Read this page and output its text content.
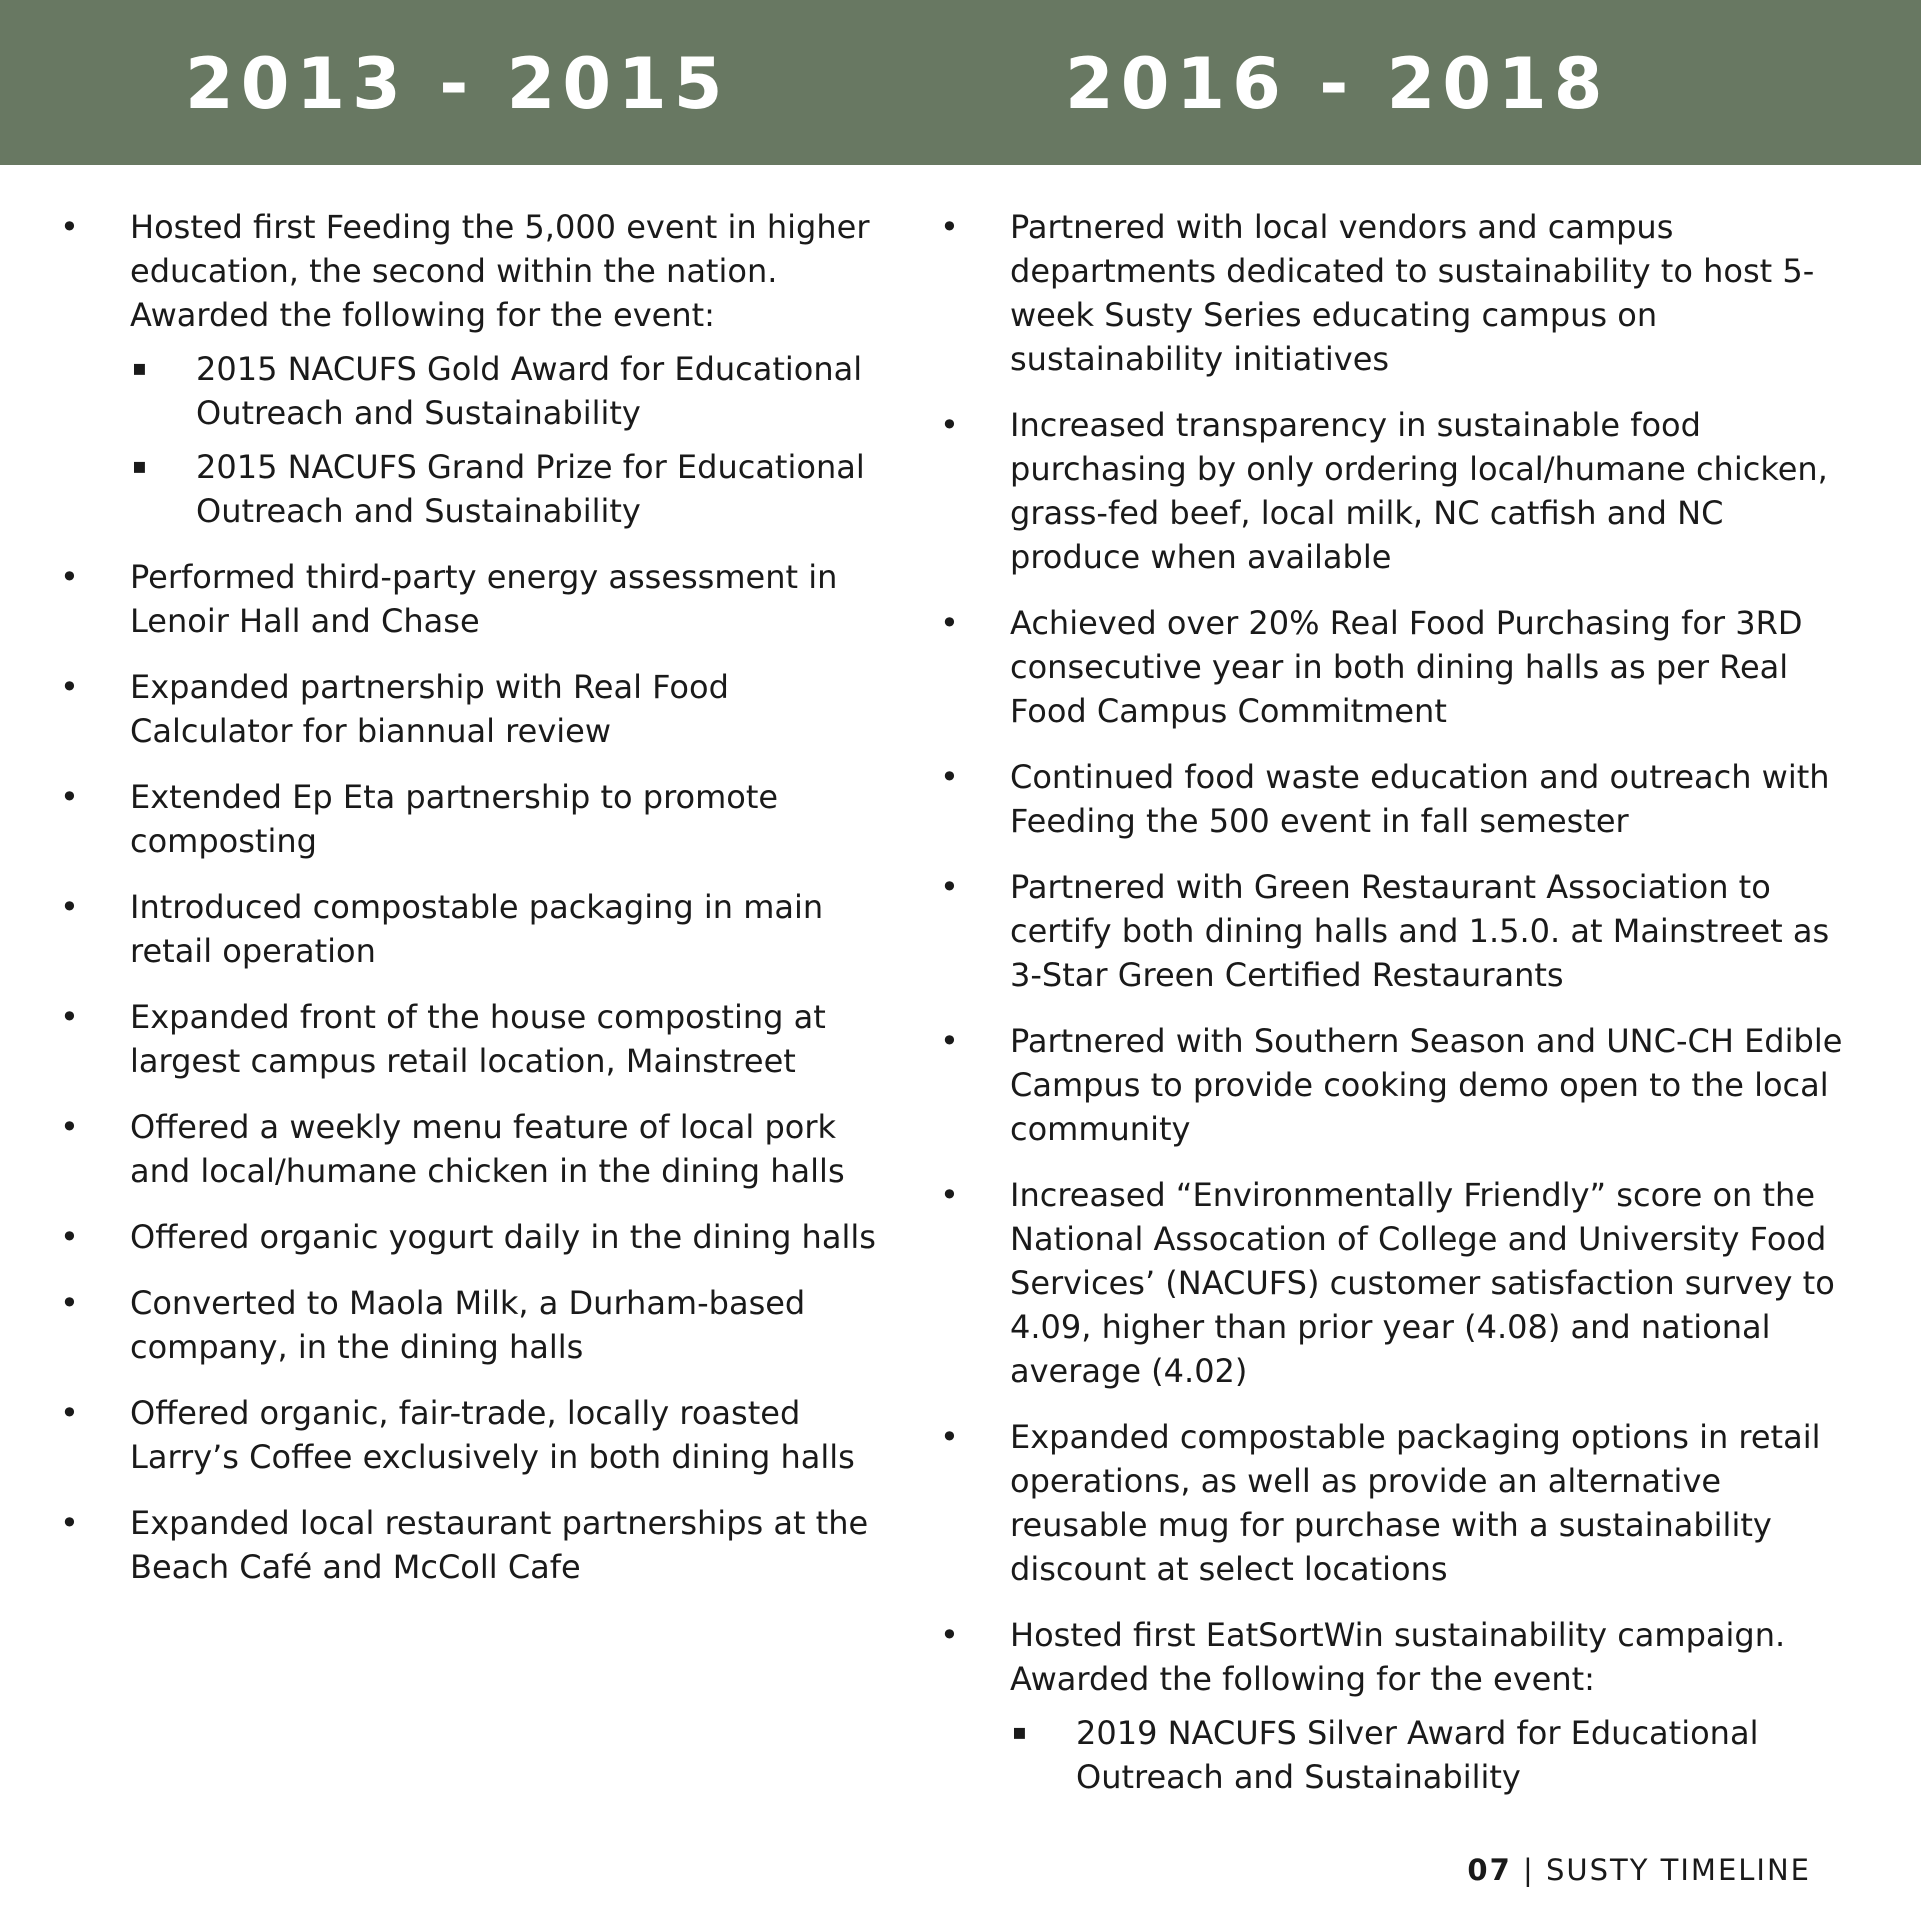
2013 - 2015	2016 - 2018
• Hosted first Feeding the 5,000 event in higher education, the second within the nation. Awarded the following for the event:
▪ 2015 NACUFS Gold Award for Educational Outreach and Sustainability
▪ 2015 NACUFS Grand Prize for Educational Outreach and Sustainability
• Performed third-party energy assessment in Lenoir Hall and Chase
• Expanded partnership with Real Food Calculator for biannual review
• Extended Ep Eta partnership to promote composting
• Introduced compostable packaging in main retail operation
• Expanded front of the house composting at largest campus retail location, Mainstreet
• Offered a weekly menu feature of local pork and local/humane chicken in the dining halls
• Offered organic yogurt daily in the dining halls
• Converted to Maola Milk, a Durham-based company, in the dining halls
• Offered organic, fair-trade, locally roasted Larry’s Coffee exclusively in both dining halls
• Expanded local restaurant partnerships at the Beach Café and McColl Cafe
• Partnered with local vendors and campus departments dedicated to sustainability to host 5-week Susty Series educating campus on sustainability initiatives
• Increased transparency in sustainable food purchasing by only ordering local/humane chicken, grass-fed beef, local milk, NC catfish and NC produce when available
• Achieved over 20% Real Food Purchasing for 3RD consecutive year in both dining halls as per Real Food Campus Commitment
• Continued food waste education and outreach with Feeding the 500 event in fall semester
• Partnered with Green Restaurant Association to certify both dining halls and 1.5.0. at Mainstreet as 3-Star Green Certified Restaurants
• Partnered with Southern Season and UNC-CH Edible Campus to provide cooking demo open to the local community
• Increased “Environmentally Friendly” score on the National Assocation of College and University Food Services’ (NACUFS) customer satisfaction survey to 4.09, higher than prior year (4.08) and national average (4.02)
• Expanded compostable packaging options in retail operations, as well as provide an alternative reusable mug for purchase with a sustainability discount at select locations
• Hosted first EatSortWin sustainability campaign. Awarded the following for the event:
▪ 2019 NACUFS Silver Award for Educational Outreach and Sustainability
07 | SUSTY TIMELINE
